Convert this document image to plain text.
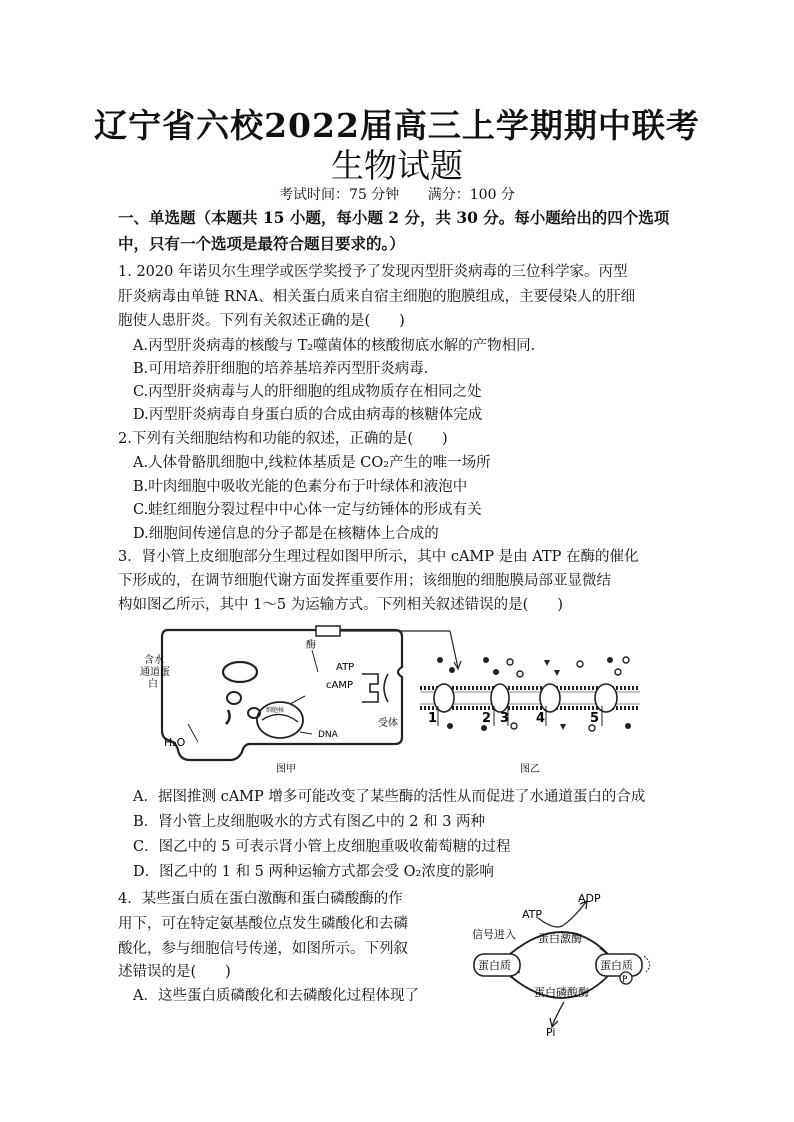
辽宁省六校2022届高三上学期期中联考
生物试题
考试时间：75 分钟 满分：100 分
一、单选题（本题共 15 小题，每小题 2 分，共 30 分。每小题给出的四个选项
中，只有一个选项是最符合题目要求的。）
1. 2020 年诺贝尔生理学或医学奖授予了发现丙型肝炎病毒的三位科学家。丙型
肝炎病毒由单链 RNA、相关蛋白质来自宿主细胞的胞膜组成，主要侵染人的肝细
胞使人患肝炎。下列有关叙述正确的是(　　)
A.丙型肝炎病毒的核酸与 T₂噬菌体的核酸彻底水解的产物相同.
B.可用培养肝细胞的培养基培养丙型肝炎病毒.
C.丙型肝炎病毒与人的肝细胞的组成物质存在相同之处
D.丙型肝炎病毒自身蛋白质的合成由病毒的核糖体完成
2.下列有关细胞结构和功能的叙述，正确的是(　　)
A.人体骨骼肌细胞中,线粒体基质是 CO₂产生的唯一场所
B.叶肉细胞中吸收光能的色素分布于叶绿体和液泡中
C.蛙红细胞分裂过程中中心体一定与纺锤体的形成有关
D.细胞间传递信息的分子都是在核糖体上合成的
3．肾小管上皮细胞部分生理过程如图甲所示，其中 cAMP 是由 ATP 在酶的催化
下形成的，在调节细胞代谢方面发挥重要作用；该细胞的细胞膜局部亚显微结
构如图乙所示，其中 1～5 为运输方式。下列相关叙述错误的是(　　)
含水
通道蛋
白
H₂O
酶
ATP
cAMP
受体
细胞核
DNA
图甲
1	2 3 4	5
图乙
A．据图推测 cAMP 增多可能改变了某些酶的活性从而促进了水通道蛋白的合成
B．肾小管上皮细胞吸水的方式有图乙中的 2 和 3 两种
C．图乙中的 5 可表示肾小管上皮细胞重吸收葡萄糖的过程
D．图乙中的 1 和 5 两种运输方式都会受 O₂浓度的影响
4．某些蛋白质在蛋白激酶和蛋白磷酸酶的作
用下，可在特定氨基酸位点发生磷酸化和去磷
酸化，参与细胞信号传递，如图所示。下列叙
述错误的是(　　)
A．这些蛋白质磷酸化和去磷酸化过程体现了
ADP
ATP
信号进入 蛋白激酶
蛋白质	蛋白质
P
蛋白磷酸酶
Pi
